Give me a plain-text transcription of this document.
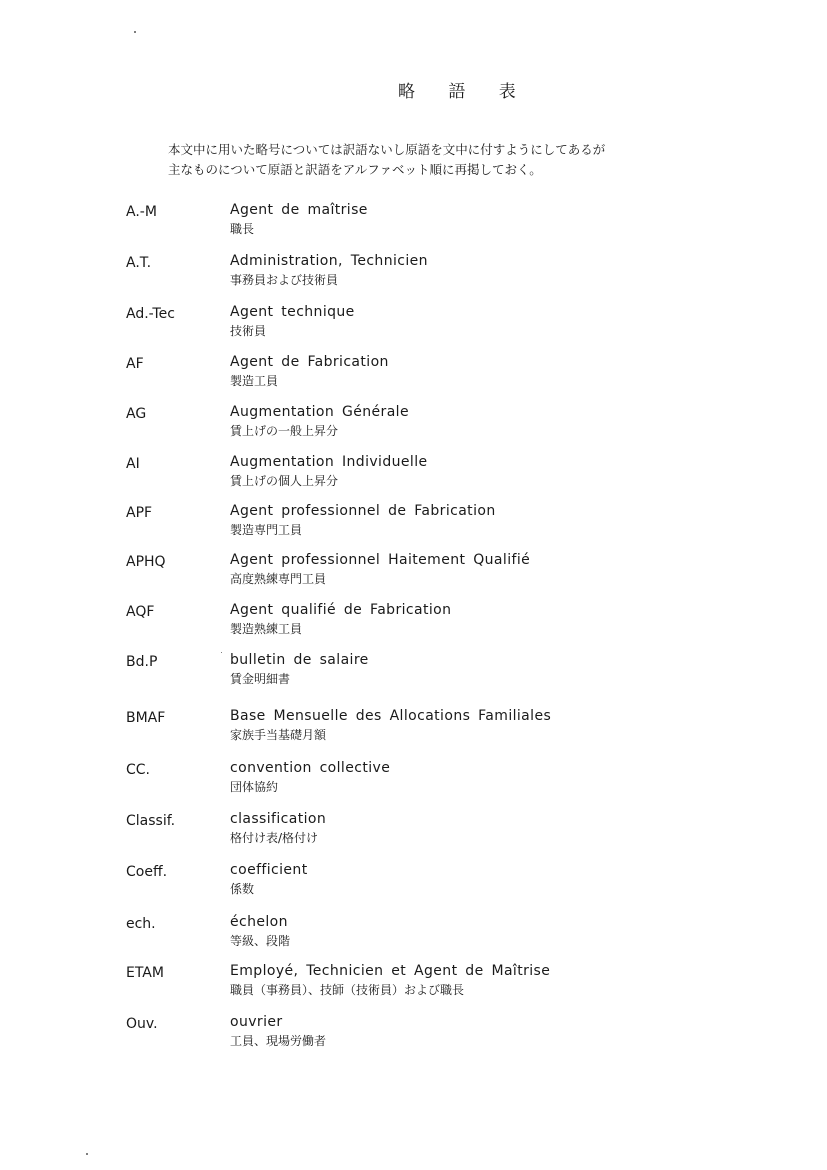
略 語 表
本文中に用いた略号については訳語ないし原語を文中に付すようにしてあるが
主なものについて原語と訳語をアルファベット順に再掲しておく。
A.-M	Agent de maîtrise
職長
A.T.	Administration, Technicien
事務員および技術員
Ad.-Tec	Agent technique
技術員
AF	Agent de Fabrication
製造工員
AG	Augmentation Générale
賃上げの一般上昇分
AI	Augmentation Individuelle
賃上げの個人上昇分
APF	Agent professionnel de Fabrication
製造専門工員
APHQ	Agent professionnel Haitement Qualifié
高度熟練専門工員
AQF	Agent qualifié de Fabrication
製造熟練工員
Bd.P	bulletin de salaire
賃金明細書
BMAF	Base Mensuelle des Allocations Familiales
家族手当基礎月額
CC.	convention collective
団体協約
Classif.	classification
格付け表/格付け
Coeff.	coefficient
係数
ech.	échelon
等級、段階
ETAM	Employé, Technicien et Agent de Maîtrise
職員（事務員）、技師（技術員）および職長
Ouv.	ouvrier
工員、現場労働者
